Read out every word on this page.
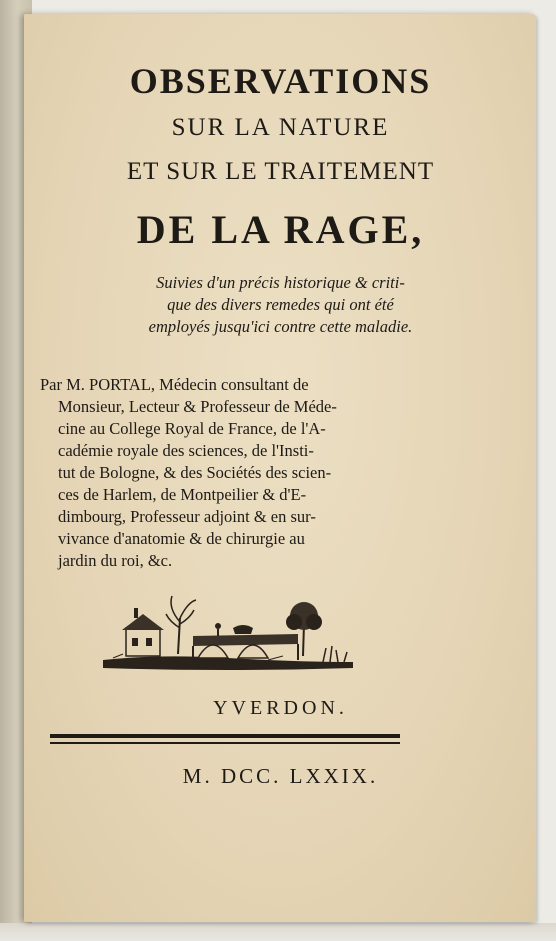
OBSERVATIONS
SUR LA NATURE
ET SUR LE TRAITEMENT
DE LA RAGE,
Suivies d'un précis historique & criti-
que des divers remedes qui ont été
employés jusqu'ici contre cette maladie.
Par M. PORTAL, Médecin consultant de
Monsieur, Lecteur & Professeur de Méde-
cine au College Royal de France, de l'A-
cadémie royale des sciences, de l'Insti-
tut de Bologne, & des Sociétés des scien-
ces de Harlem, de Montpeilier & d'E-
dimbourg, Professeur adjoint & en sur-
vivance d'anatomie & de chirurgie au
jardin du roi, &c.
YVERDON.
M. DCC. LXXIX.
